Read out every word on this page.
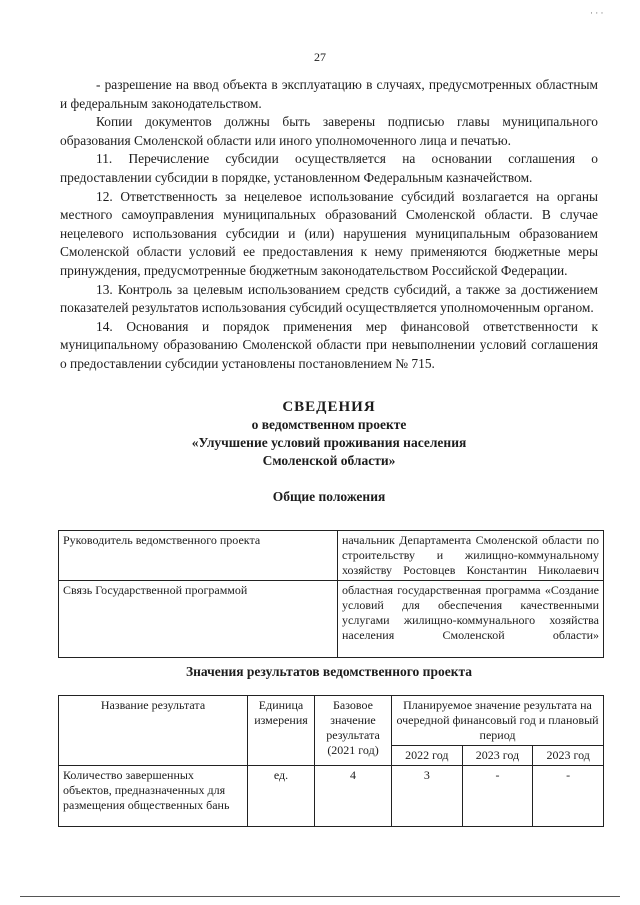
· · ·
27

- разрешение на ввод объекта в эксплуатацию в случаях, предусмотренных областным и федеральным законодательством.

Копии документов должны быть заверены подписью главы муниципального образования Смоленской области или иного уполномоченного лица и печатью.

11. Перечисление субсидии осуществляется на основании соглашения о предоставлении субсидии в порядке, установленном Федеральным казначейством.

12. Ответственность за нецелевое использование субсидий возлагается на органы местного самоуправления муниципальных образований Смоленской области. В случае нецелевого использования субсидии и (или) нарушения муниципальным образованием Смоленской области условий ее предоставления к нему применяются бюджетные меры принуждения, предусмотренные бюджетным законодательством Российской Федерации.

13. Контроль за целевым использованием средств субсидий, а также за достижением показателей результатов использования субсидий осуществляется уполномоченным органом.

14. Основания и порядок применения мер финансовой ответственности к муниципальному образованию Смоленской области при невыполнении условий соглашения о предоставлении субсидии установлены постановлением № 715.

СВЕДЕНИЯ
о ведомственном проекте
«Улучшение условий проживания населения
Смоленской области»
Общие положения
Руководитель ведомственного проекта	начальник Департамента Смоленской области по строительству и жилищно-коммунальному хозяйству Ростовцев Константин Николаевич
Связь Государственной программой	областная государственная программа «Создание условий для обеспечения качественными услугами жилищно-коммунального хозяйства населения Смоленской области»
Значения результатов ведомственного проекта
Название результата	Единица измерения	Базовое значение результата (2021 год)	Планируемое значение результата на очередной финансовый год и плановый период		
			2022 год	2023 год	2023 год
Количество завершенных объектов, предназначенных для размещения общественных бань	ед.	4	3	-	-
